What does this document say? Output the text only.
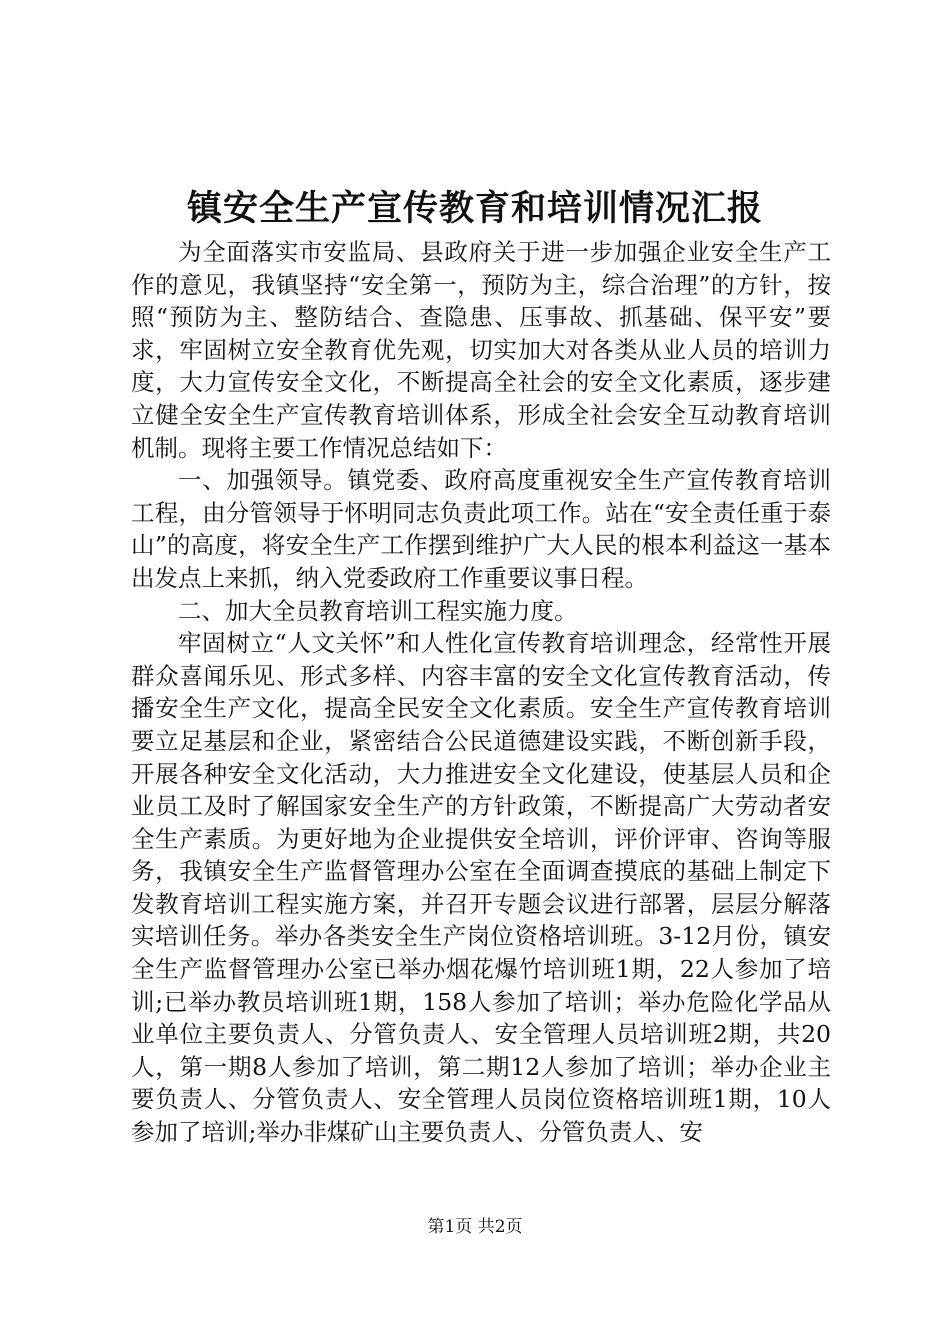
镇安全生产宣传教育和培训情况汇报

为全面落实市安监局、县政府关于进一步加强企业安全生产工作的意见，我镇坚持“安全第一，预防为主，综合治理”的方针，按照“预防为主、整防结合、查隐患、压事故、抓基础、保平安”要求，牢固树立安全教育优先观，切实加大对各类从业人员的培训力度，大力宣传安全文化，不断提高全社会的安全文化素质，逐步建立健全安全生产宣传教育培训体系，形成全社会安全互动教育培训机制。现将主要工作情况总结如下：

一、加强领导。镇党委、政府高度重视安全生产宣传教育培训工程，由分管领导于怀明同志负责此项工作。站在“安全责任重于泰山”的高度，将安全生产工作摆到维护广大人民的根本利益这一基本出发点上来抓，纳入党委政府工作重要议事日程。

二、加大全员教育培训工程实施力度。

牢固树立“人文关怀”和人性化宣传教育培训理念，经常性开展群众喜闻乐见、形式多样、内容丰富的安全文化宣传教育活动，传播安全生产文化，提高全民安全文化素质。安全生产宣传教育培训要立足基层和企业，紧密结合公民道德建设实践，不断创新手段，开展各种安全文化活动，大力推进安全文化建设，使基层人员和企业员工及时了解国家安全生产的方针政策，不断提高广大劳动者安全生产素质。为更好地为企业提供安全培训，评价评审、咨询等服务，我镇安全生产监督管理办公室在全面调查摸底的基础上制定下发教育培训工程实施方案，并召开专题会议进行部署，层层分解落实培训任务。举办各类安全生产岗位资格培训班。3-12月份，镇安全生产监督管理办公室已举办烟花爆竹培训班1期，22人参加了培训;已举办教员培训班1期，158人参加了培训；举办危险化学品从业单位主要负责人、分管负责人、安全管理人员培训班2期，共20人，第一期8人参加了培训，第二期12人参加了培训；举办企业主要负责人、分管负责人、安全管理人员岗位资格培训班1期，10人参加了培训;举办非煤矿山主要负责人、分管负责人、安

第1页 共2页
